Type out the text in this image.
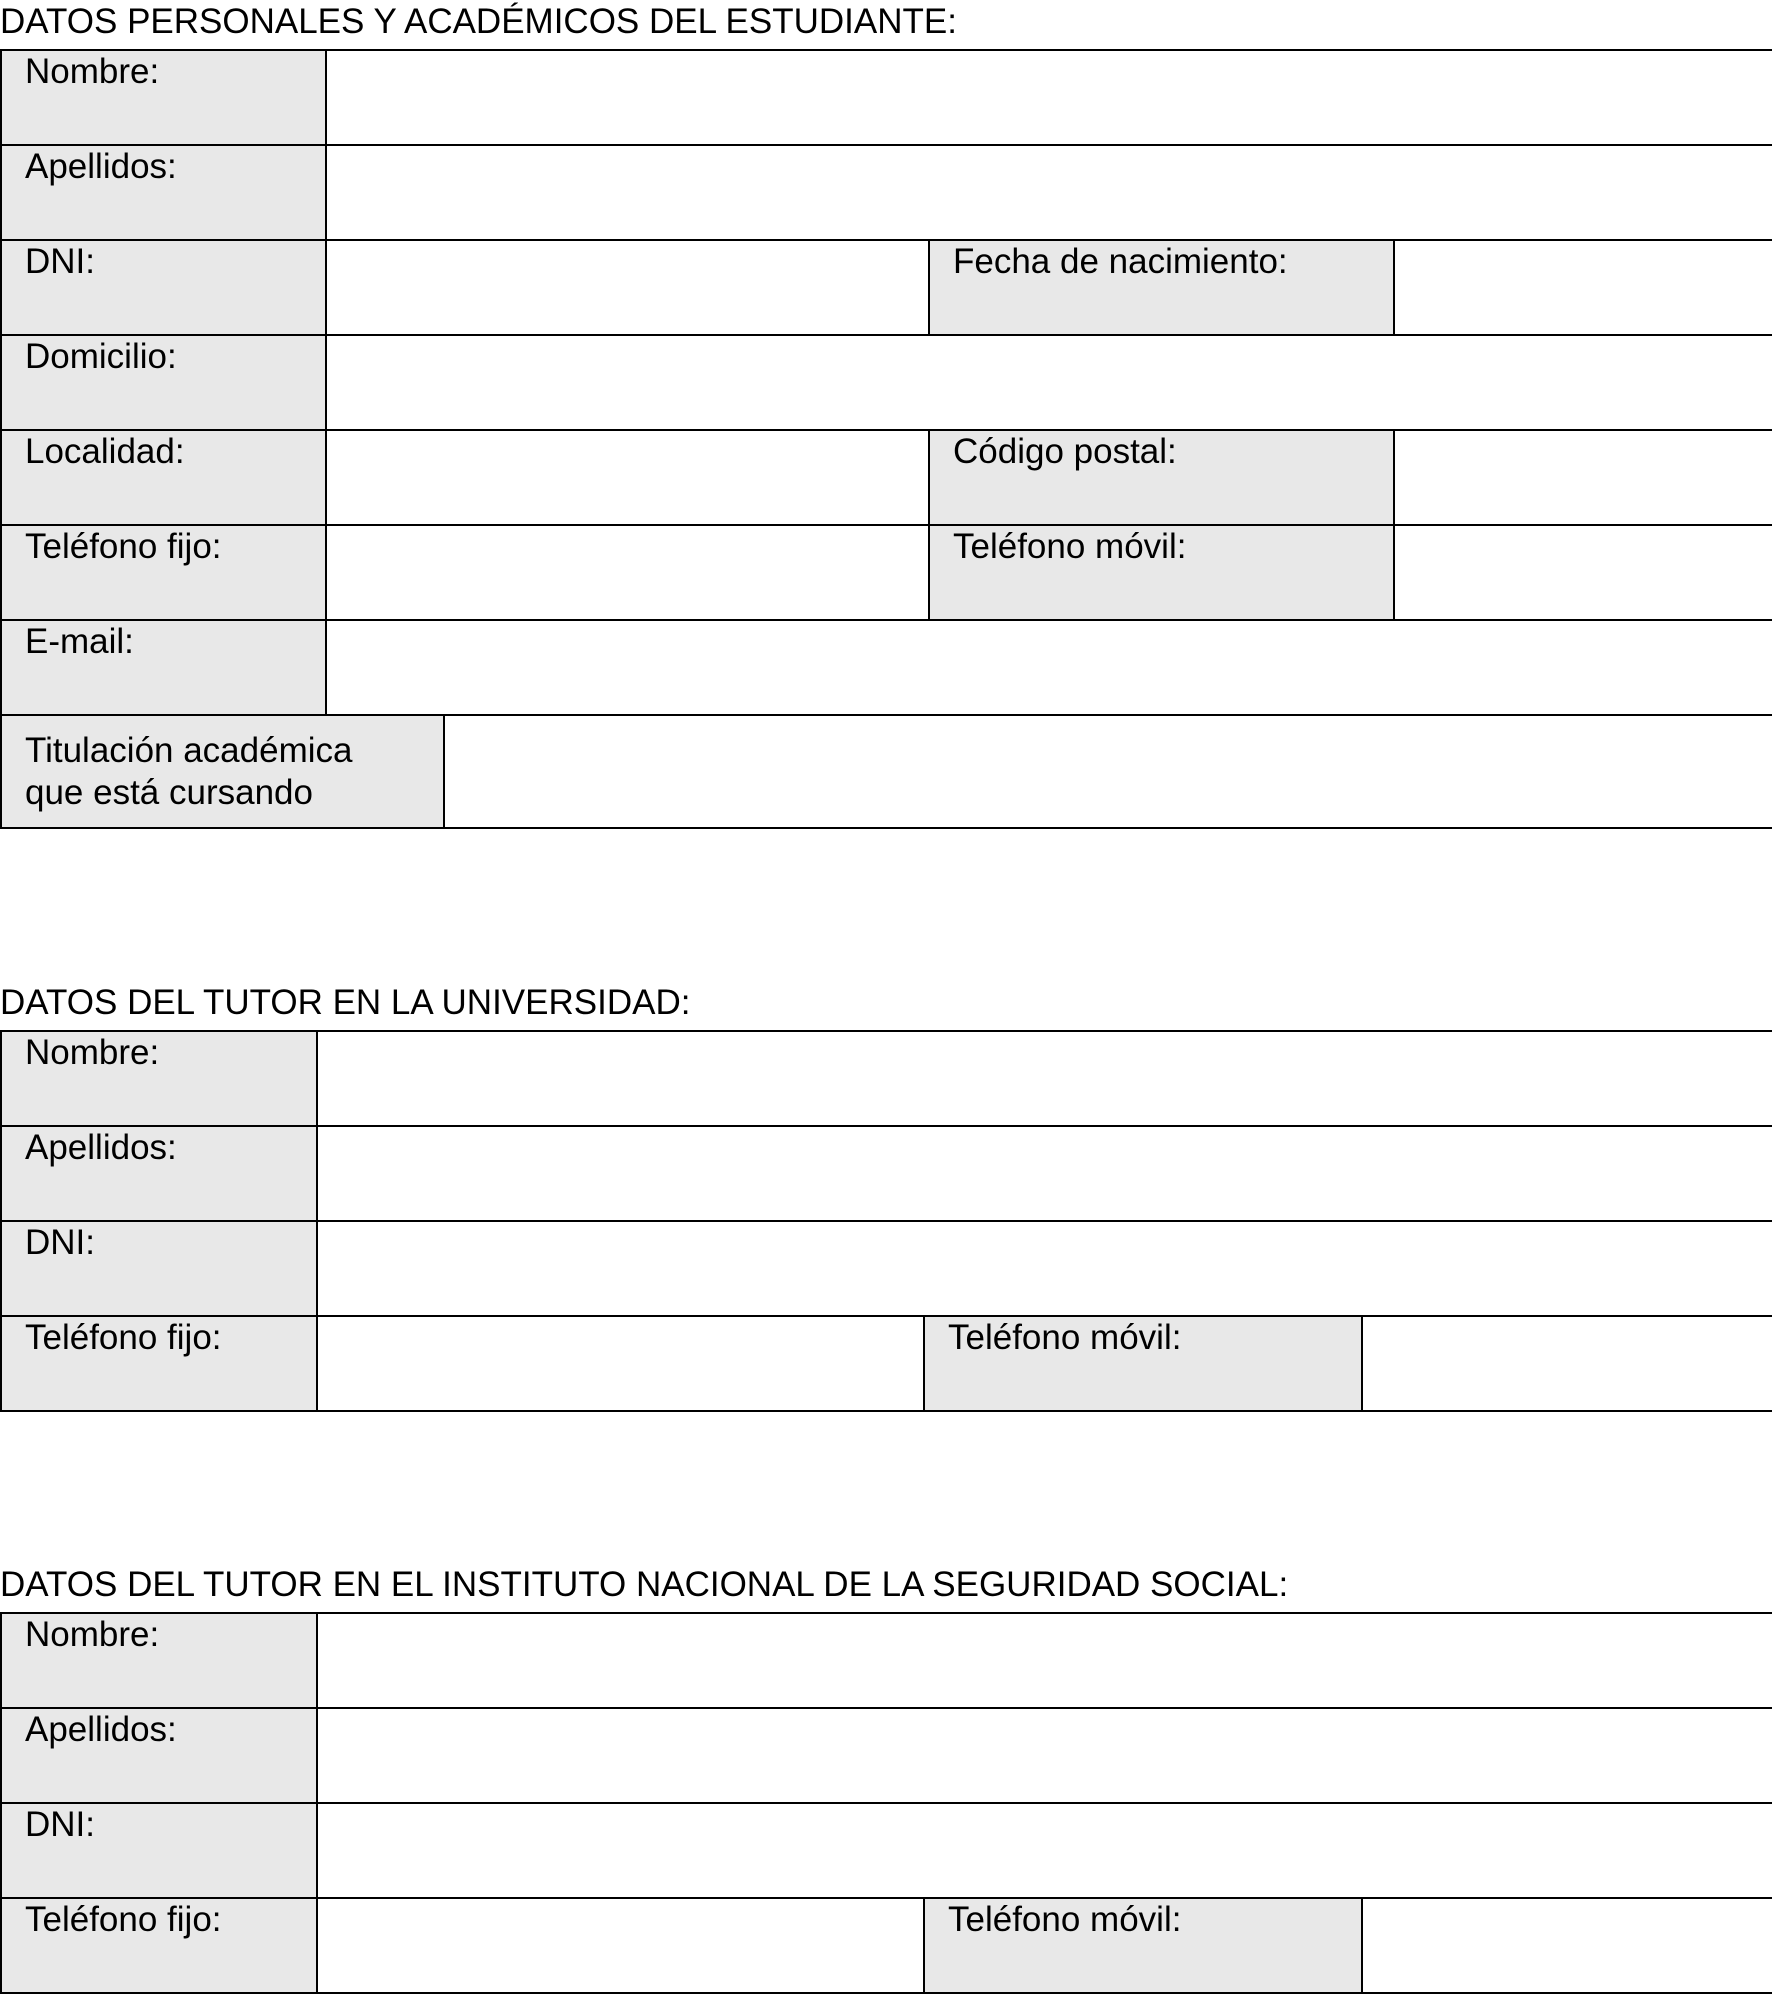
DATOS PERSONALES Y ACADÉMICOS DEL ESTUDIANTE:
Nombre:				
Apellidos:				
DNI:			Fecha de nacimiento:	
Domicilio:				
Localidad:			Código postal:	
Teléfono fijo:			Teléfono móvil:	
E-mail:				

Titulación académica
que está cursando				

DATOS DEL TUTOR EN LA UNIVERSIDAD:
Nombre:			
Apellidos:			
DNI:			
Teléfono fijo:		Teléfono móvil:	
DATOS DEL TUTOR EN EL INSTITUTO NACIONAL DE LA SEGURIDAD SOCIAL:
Nombre:			
Apellidos:			
DNI:			
Teléfono fijo:		Teléfono móvil:	
